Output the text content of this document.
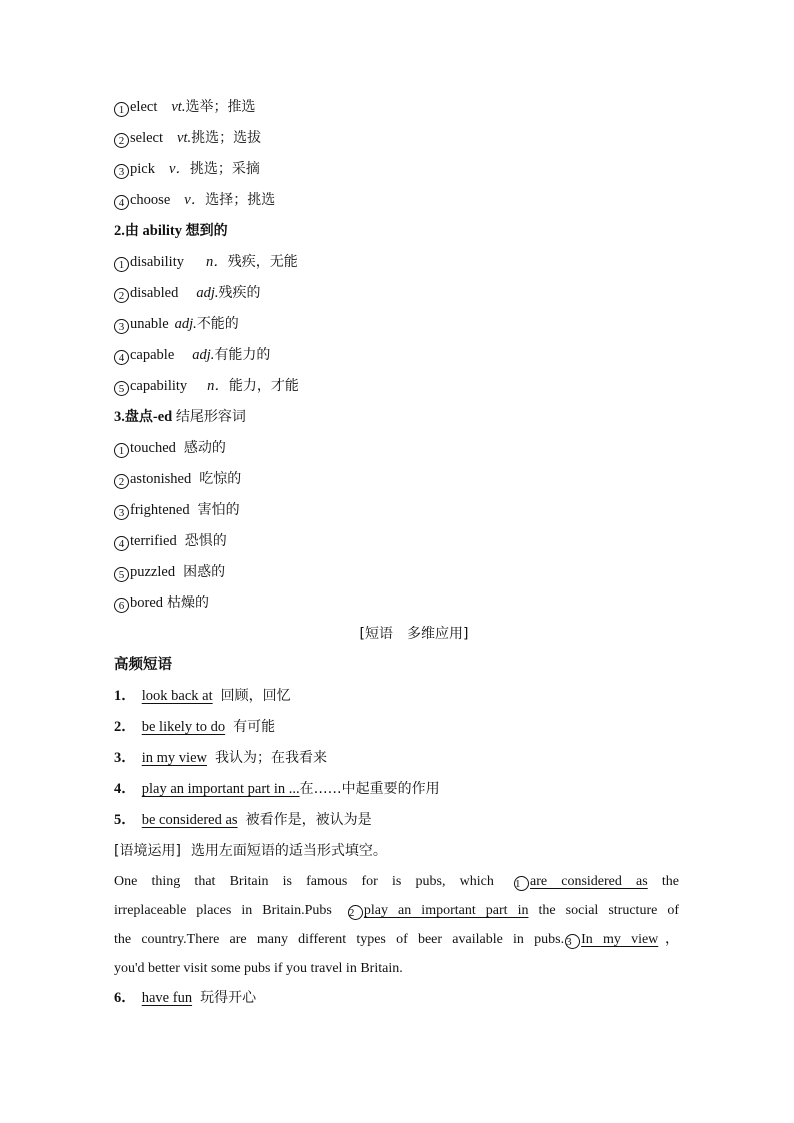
1 elect vt.选举；推选
2 select vt.挑选；选拔
3 pick v．挑选；采摘
4 choose v．选择；挑选
2.由 ability 想到的
1 disability n．残疾，无能
2 disabled adj.残疾的
3 unable adj.不能的
4 capable adj.有能力的
5 capability n．能力，才能
3.盘点-ed 结尾形容词
1 touched 感动的
2 astonished 吃惊的
3 frightened 害怕的
4 terrified 恐惧的
5 puzzled 困惑的
6 bored 枯燥的
[短语　多维应用]
高频短语
1． look back at 回顾，回忆
2． be likely to do 有可能
3． in my view 我认为；在我看来
4． play an important part in ...在……中起重要的作用
5． be considered as 被看作是，被认为是
[语境运用] 选用左面短语的适当形式填空。
One thing that Britain is famous for is pubs, which 1 are considered as the
irreplaceable places in Britain.Pubs 2 play an important part in the social structure of
the country.There are many different types of beer available in pubs. 3 In my view，
you'd better visit some pubs if you travel in Britain.
6． have fun 玩得开心
